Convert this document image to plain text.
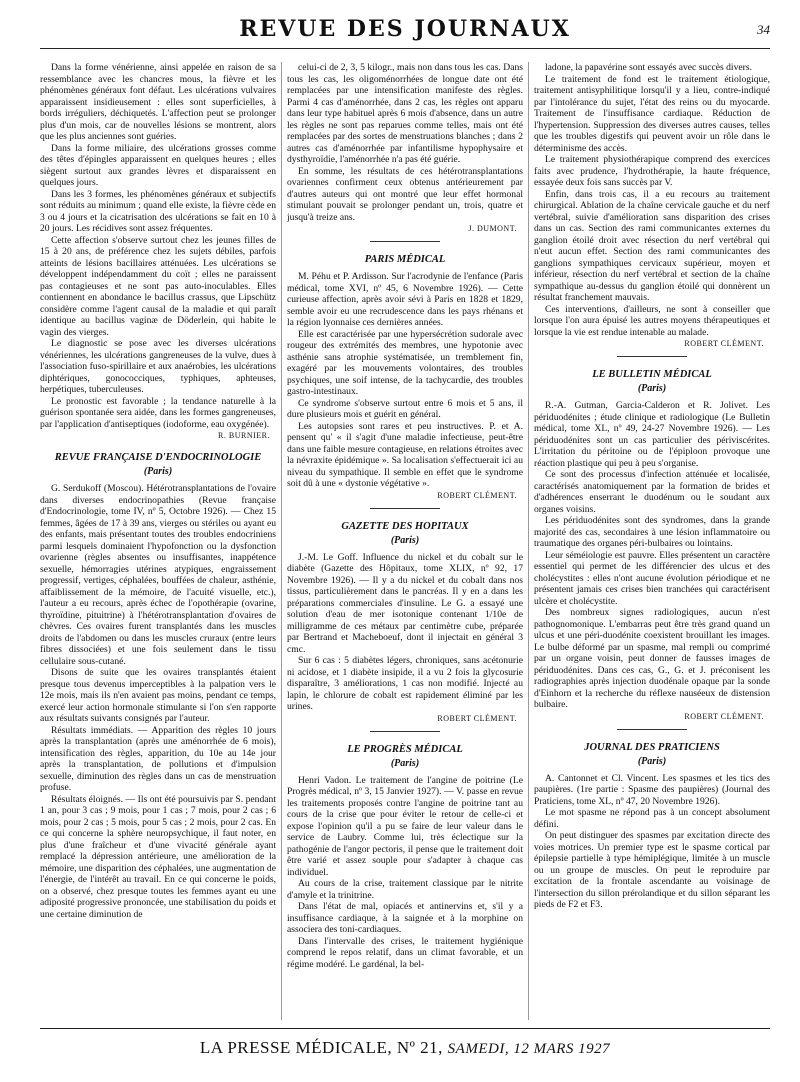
REVUE DES JOURNAUX	34

Dans la forme vénérienne, ainsi appelée en raison de sa ressemblance avec les chancres mous, la fièvre et les phénomènes généraux font défaut. Les ulcérations vulvaires apparaissent insidieusement : elles sont superficielles, à bords irréguliers, déchiquetés. L'affection peut se prolonger plus d'un mois, car de nouvelles lésions se montrent, alors que les plus anciennes sont guéries.

Dans la forme miliaire, des ulcérations grosses comme des têtes d'épingles apparaissent en quelques heures ; elles siègent surtout aux grandes lèvres et disparaissent en quelques jours.

Dans les 3 formes, les phénomènes généraux et subjectifs sont réduits au minimum ; quand elle existe, la fièvre cède en 3 ou 4 jours et la cicatrisation des ulcérations se fait en 10 à 20 jours. Les récidives sont assez fréquentes.

Cette affection s'observe surtout chez les jeunes filles de 15 à 20 ans, de préférence chez les sujets débiles, parfois atteints de lésions bacillaires atténuées. Les ulcérations se développent indépendamment du coït ; elles ne paraissent pas contagieuses et ne sont pas auto-inoculables. Elles contiennent en abondance le bacillus crassus, que Lipschütz considère comme l'agent causal de la maladie et qui paraît identique au bacillus vaginæ de Döderlein, qui habite le vagin des vierges.

Le diagnostic se pose avec les diverses ulcérations vénériennes, les ulcérations gangreneuses de la vulve, dues à l'association fuso-spirillaire et aux anaérobies, les ulcérations diphtériques, gonococciques, typhiques, aphteuses, herpétiques, tuberculeuses.

Le pronostic est favorable ; la tendance naturelle à la guérison spontanée sera aidée, dans les formes gangreneuses, par l'application d'antiseptiques (iodoforme, eau oxygénée).

R. BURNIER.
REVUE FRANÇAISE D'ENDOCRINOLOGIE
(Paris)

G. Serdukoff (Moscou). Hétérotransplantations de l'ovaire dans diverses endocrinopathies (Revue française d'Endocrinologie, tome IV, nº 5, Octobre 1926). — Chez 15 femmes, âgées de 17 à 39 ans, vierges ou stériles ou ayant eu des enfants, mais présentant toutes des troubles endocriniens parmi lesquels dominaient l'hypofonction ou la dysfonction ovarienne (règles absentes ou insuffisantes, inappétence sexuelle, hémorragies utérines atypiques, engraissement progressif, vertiges, céphalées, bouffées de chaleur, asthénie, affaiblissement de la mémoire, de l'acuité visuelle, etc.), l'auteur a eu recours, après échec de l'opothérapie (ovarine, thyroïdine, pituitrine) à l'hétérotransplantation d'ovaires de chèvres. Ces ovaires furent transplantés dans les muscles droits de l'abdomen ou dans les muscles cruraux (entre leurs fibres dissociées) et une fois seulement dans le tissu cellulaire sous-cutané.

Disons de suite que les ovaires transplantés étaient presque tous devenus imperceptibles à la palpation vers le 12e mois, mais ils n'en avaient pas moins, pendant ce temps, exercé leur action hormonale stimulante si l'on s'en rapporte aux résultats suivants consignés par l'auteur.

Résultats immédiats. — Apparition des règles 10 jours après la transplantation (après une aménorrhée de 6 mois), intensification des règles, apparition, du 10e au 14e jour après la transplantation, de pollutions et d'impulsion sexuelle, diminution des règles dans un cas de menstruation profuse.

Résultats éloignés. — Ils ont été poursuivis par S. pendant 1 an, pour 3 cas ; 9 mois, pour 1 cas ; 7 mois, pour 2 cas ; 6 mois, pour 2 cas ; 5 mois, pour 5 cas ; 2 mois, pour 2 cas. En ce qui concerne la sphère neuropsychique, il faut noter, en plus d'une fraîcheur et d'une vivacité générale ayant remplacé la dépression antérieure, une amélioration de la mémoire, une disparition des céphalées, une augmentation de l'énergie, de l'intérêt au travail. En ce qui concerne le poids, on a observé, chez presque toutes les femmes ayant eu une adiposité progressive prononcée, une stabilisation du poids et une certaine diminution de

celui-ci de 2, 3, 5 kilogr., mais non dans tous les cas. Dans tous les cas, les oligoménorrhées de longue date ont été remplacées par une intensification manifeste des règles. Parmi 4 cas d'aménorrhée, dans 2 cas, les règles ont apparu dans leur type habituel après 6 mois d'absence, dans un autre les règles ne sont pas reparues comme telles, mais ont été remplacées par des sortes de menstruations blanches ; dans 2 autres cas d'aménorrhée par infantilisme hypophysaire et dysthyroïdie, l'aménorrhée n'a pas été guérie.

En somme, les résultats de ces hétérotransplantations ovariennes confirment ceux obtenus antérieurement par d'autres auteurs qui ont montré que leur effet hormonal stimulant pouvait se prolonger pendant un, trois, quatre et jusqu'à treize ans.

J. DUMONT.
PARIS MÉDICAL

M. Péhu et P. Ardisson. Sur l'acrodynie de l'enfance (Paris médical, tome XVI, nº 45, 6 Novembre 1926). — Cette curieuse affection, après avoir sévi à Paris en 1828 et 1829, semble avoir eu une recrudescence dans les pays rhénans et la région lyonnaise ces dernières années.

Elle est caractérisée par une hypersécrétion sudorale avec rougeur des extrémités des membres, une hypotonie avec asthénie sans atrophie systématisée, un tremblement fin, exagéré par les mouvements volontaires, des troubles psychiques, une soif intense, de la tachycardie, des troubles gastro-intestinaux.

Ce syndrome s'observe surtout entre 6 mois et 5 ans, il dure plusieurs mois et guérit en général.

Les autopsies sont rares et peu instructives. P. et A. pensent qu' « il s'agit d'une maladie infectieuse, peut-être dans une faible mesure contagieuse, en relations étroites avec la névraxite épidémique ». Sa localisation s'effectuerait ici au niveau du sympathique. Il semble en effet que le syndrome soit dû à une « dystonie végétative ».

ROBERT CLÉMENT.
GAZETTE DES HOPITAUX
(Paris)

J.-M. Le Goff. Influence du nickel et du cobalt sur le diabète (Gazette des Hôpitaux, tome XLIX, nº 92, 17 Novembre 1926). — Il y a du nickel et du cobalt dans nos tissus, particulièrement dans le pancréas. Il y en a dans les préparations commerciales d'insuline. Le G. a essayé une solution d'eau de mer isotonique contenant 1/10e de milligramme de ces métaux par centimètre cube, préparée par Bertrand et Macheboeuf, dont il injectait en général 3 cmc.

Sur 6 cas : 5 diabètes légers, chroniques, sans acétonurie ni acidose, et 1 diabète insipide, il a vu 2 fois la glycosurie disparaître, 3 améliorations, 1 cas non modifié. Injecté au lapin, le chlorure de cobalt est rapidement éliminé par les urines.

ROBERT CLÉMENT.
LE PROGRÈS MÉDICAL
(Paris)

Henri Vadon. Le traitement de l'angine de poitrine (Le Progrès médical, nº 3, 15 Janvier 1927). — V. passe en revue les traitements proposés contre l'angine de poitrine tant au cours de la crise que pour éviter le retour de celle-ci et expose l'opinion qu'il a pu se faire de leur valeur dans le service de Laubry. Comme lui, très éclectique sur la pathogénie de l'angor pectoris, il pense que le traitement doit être varié et assez souple pour s'adapter à chaque cas individuel.

Au cours de la crise, traitement classique par le nitrite d'amyle et la trinitrine.

Dans l'état de mal, opiacés et antinervins et, s'il y a insuffisance cardiaque, à la saignée et à la morphine on associera des toni-cardiaques.

Dans l'intervalle des crises, le traitement hygiénique comprend le repos relatif, dans un climat favorable, et un régime modéré. Le gardénal, la bel-

ladone, la papavérine sont essayés avec succès divers.

Le traitement de fond est le traitement étiologique, traitement antisyphilitique lorsqu'il y a lieu, contre-indiqué par l'intolérance du sujet, l'état des reins ou du myocarde. Traitement de l'insuffisance cardiaque. Réduction de l'hypertension. Suppression des diverses autres causes, telles que les troubles digestifs qui peuvent avoir un rôle dans le déterminisme des accès.

Le traitement physiothérapique comprend des exercices faits avec prudence, l'hydrothérapie, la haute fréquence, essayée deux fois sans succès par V.

Enfin, dans trois cas, il a eu recours au traitement chirurgical. Ablation de la chaîne cervicale gauche et du nerf vertébral, suivie d'amélioration sans disparition des crises dans un cas. Section des rami communicantes externes du ganglion étoilé droit avec résection du nerf vertébral qui n'eut aucun effet. Section des rami communicantes des ganglions sympathiques cervicaux supérieur, moyen et inférieur, résection du nerf vertébral et section de la chaîne sympathique au-dessus du ganglion étoilé qui donnèrent un résultat franchement mauvais.

Ces interventions, d'ailleurs, ne sont à conseiller que lorsque l'on aura épuisé les autres moyens thérapeutiques et lorsque la vie est rendue intenable au malade.

ROBERT CLÉMENT.
LE BULLETIN MÉDICAL
(Paris)

R.-A. Gutman, Garcia-Calderon et R. Jolivet. Les périduodénites ; étude clinique et radiologique (Le Bulletin médical, tome XL, nº 49, 24-27 Novembre 1926). — Les périduodénites sont un cas particulier des périviscérites. L'irritation du péritoine ou de l'épiploon provoque une réaction plastique qui peu à peu s'organise.

Ce sont des processus d'infection atténuée et localisée, caractérisés anatomiquement par la formation de brides et d'adhérences enserrant le duodénum ou le soudant aux organes voisins.

Les périduodénites sont des syndromes, dans la grande majorité des cas, secondaires à une lésion inflammatoire ou traumatique des organes péri-bulbaires ou lointains.

Leur séméiologie est pauvre. Elles présentent un caractère essentiel qui permet de les différencier des ulcus et des cholécystites : elles n'ont aucune évolution périodique et ne présentent jamais ces crises bien tranchées qui caractérisent ulcère et cholécystite.

Des nombreux signes radiologiques, aucun n'est pathognomonique. L'embarras peut être très grand quand un ulcus et une péri-duodénite coexistent brouillant les images. Le bulbe déformé par un spasme, mal rempli ou comprimé par un organe voisin, peut donner de fausses images de périduodénites. Dans ces cas, G., G. et J. préconisent les radiographies après injection duodénale opaque par la sonde d'Einhorn et la recherche du réflexe nauséeux de distension bulbaire.

ROBERT CLÉMENT.
JOURNAL DES PRATICIENS
(Paris)

A. Cantonnet et Cl. Vincent. Les spasmes et les tics des paupières. (1re partie : Spasme des paupières) (Journal des Praticiens, tome XL, nº 47, 20 Novembre 1926).

Le mot spasme ne répond pas à un concept absolument défini.

On peut distinguer des spasmes par excitation directe des voies motrices. Un premier type est le spasme cortical par épilepsie partielle à type hémiplégique, limitée à un muscle ou un groupe de muscles. On peut le reproduire par excitation de la frontale ascendante au voisinage de l'intersection du sillon prérolandique et du sillon séparant les pieds de F2 et F3.

LA PRESSE MÉDICALE, Nº 21, SAMEDI, 12 MARS 1927
